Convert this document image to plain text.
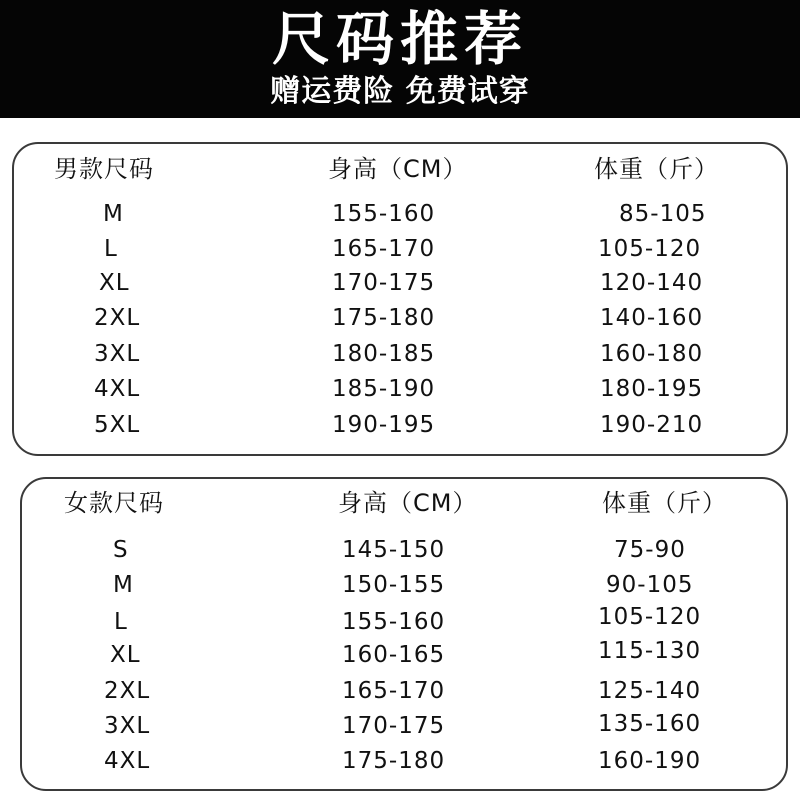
尺码推荐
赠运费险 免费试穿
男款尺码	身高（CM）	体重（斤）
M	155-160	85-105
L	165-170	105-120
XL	170-175	120-140
2XL	175-180	140-160
3XL	180-185	160-180
4XL	185-190	180-195
5XL	190-195	190-210
女款尺码	身高（CM）	体重（斤）
S	145-150	75-90
M	150-155	90-105
L	155-160	105-120
XL	160-165	115-130
2XL	165-170	125-140
3XL	170-175	135-160
4XL	175-180	160-190
